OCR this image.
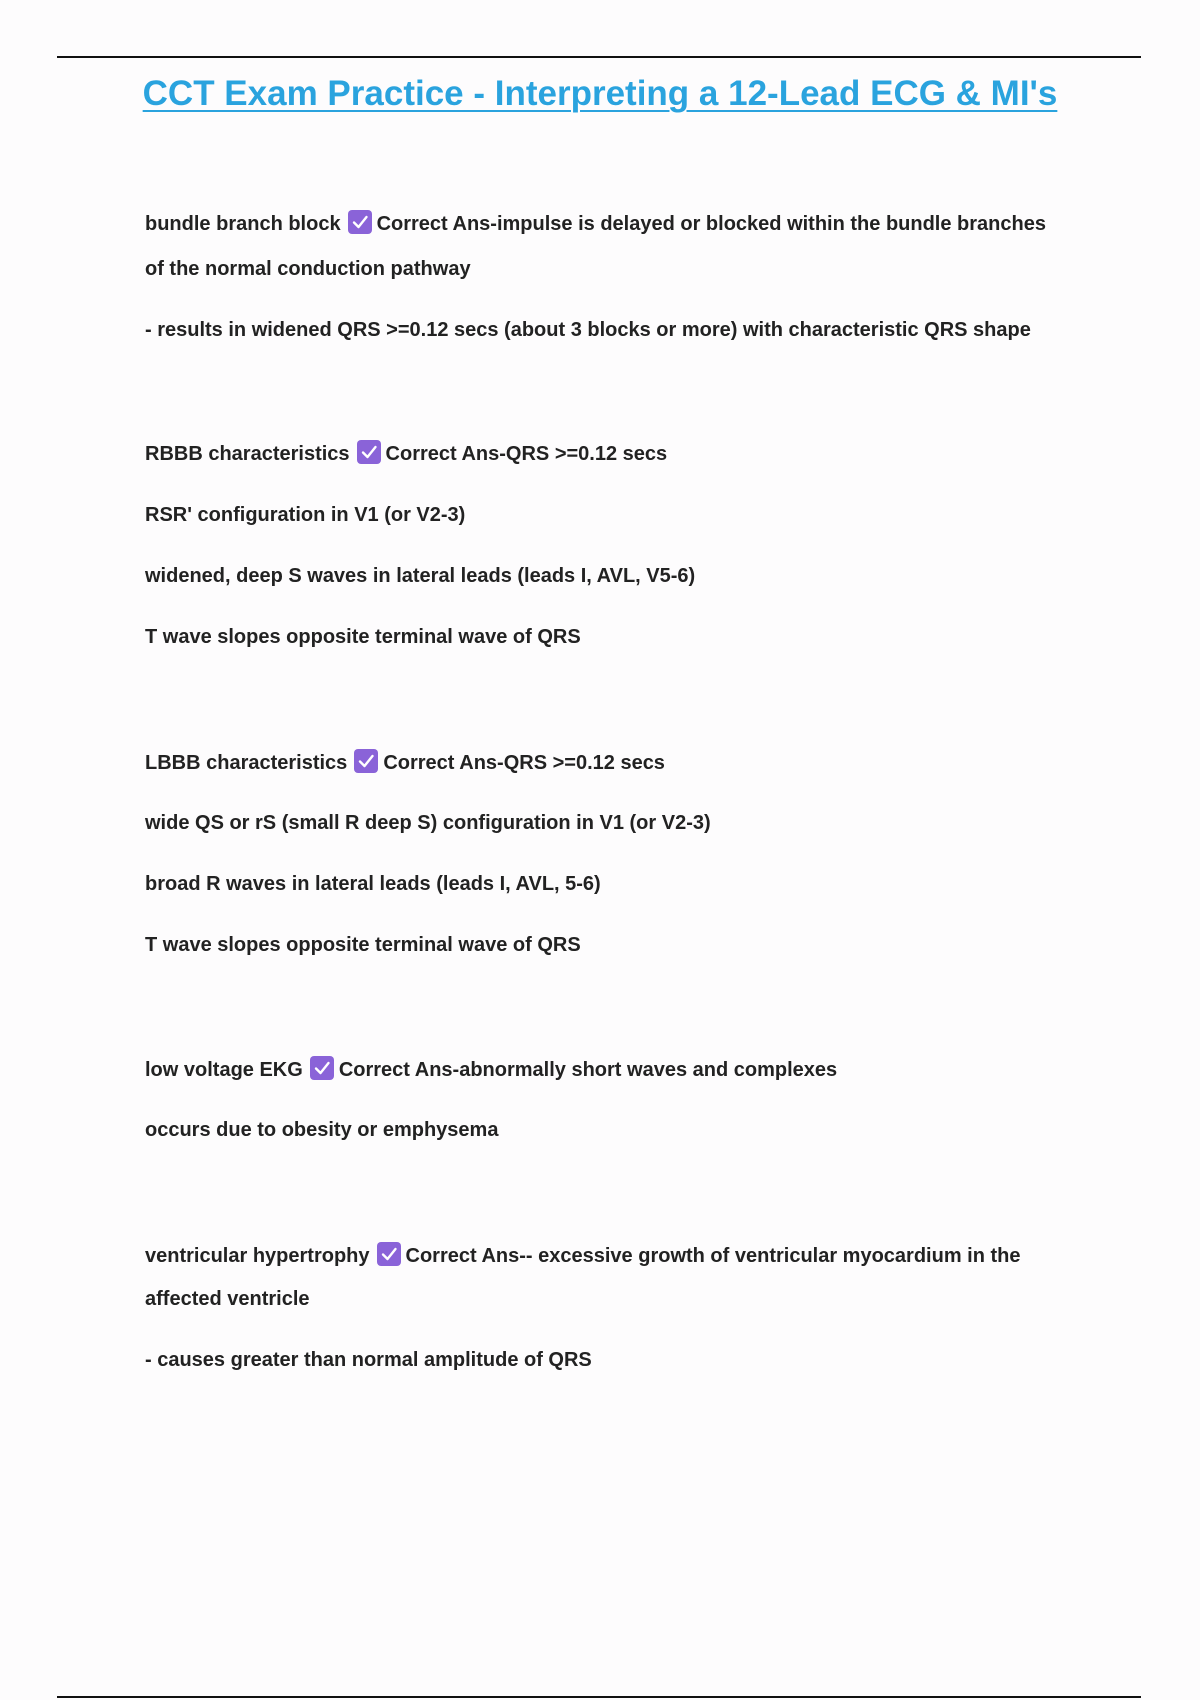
CCT Exam Practice - Interpreting a 12-Lead ECG & MI's
bundle branch block Correct Ans-impulse is delayed or blocked within the bundle branches
of the normal conduction pathway
- results in widened QRS >=0.12 secs (about 3 blocks or more) with characteristic QRS shape
RBBB characteristics Correct Ans-QRS >=0.12 secs
RSR' configuration in V1 (or V2-3)
widened, deep S waves in lateral leads (leads I, AVL, V5-6)
T wave slopes opposite terminal wave of QRS
LBBB characteristics Correct Ans-QRS >=0.12 secs
wide QS or rS (small R deep S) configuration in V1 (or V2-3)
broad R waves in lateral leads (leads I, AVL, 5-6)
T wave slopes opposite terminal wave of QRS
low voltage EKG Correct Ans-abnormally short waves and complexes
occurs due to obesity or emphysema
ventricular hypertrophy Correct Ans-- excessive growth of ventricular myocardium in the
affected ventricle
- causes greater than normal amplitude of QRS
